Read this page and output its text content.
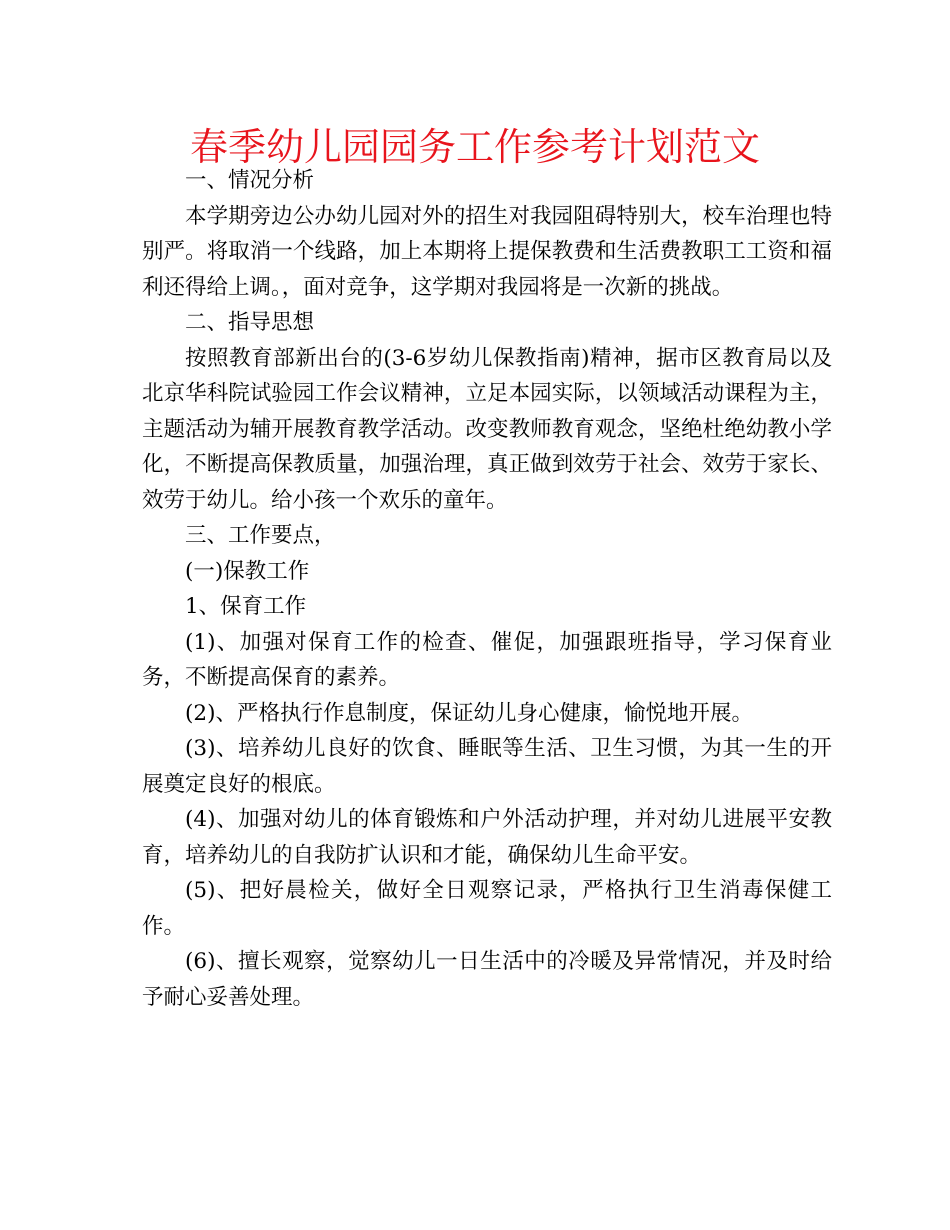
春季幼儿园园务工作参考计划范文

一、情况分析

本学期旁边公办幼儿园对外的招生对我园阻碍特别大，校车治理也特别严。将取消一个线路，加上本期将上提保教费和生活费教职工工资和福利还得给上调。，面对竞争，这学期对我园将是一次新的挑战。

二、指导思想

按照教育部新出台的(3-6岁幼儿保教指南)精神，据市区教育局以及北京华科院试验园工作会议精神，立足本园实际，以领域活动课程为主，主题活动为辅开展教育教学活动。改变教师教育观念，坚绝杜绝幼教小学化，不断提高保教质量，加强治理，真正做到效劳于社会、效劳于家长、效劳于幼儿。给小孩一个欢乐的童年。

三、工作要点，

(一)保教工作

1、保育工作

(1)、加强对保育工作的检查、催促，加强跟班指导，学习保育业务，不断提高保育的素养。

(2)、严格执行作息制度，保证幼儿身心健康，愉悦地开展。

(3)、培养幼儿良好的饮食、睡眠等生活、卫生习惯，为其一生的开展奠定良好的根底。

(4)、加强对幼儿的体育锻炼和户外活动护理，并对幼儿进展平安教育，培养幼儿的自我防扩认识和才能，确保幼儿生命平安。

(5)、把好晨检关，做好全日观察记录，严格执行卫生消毒保健工作。

(6)、擅长观察，觉察幼儿一日生活中的冷暖及异常情况，并及时给予耐心妥善处理。
